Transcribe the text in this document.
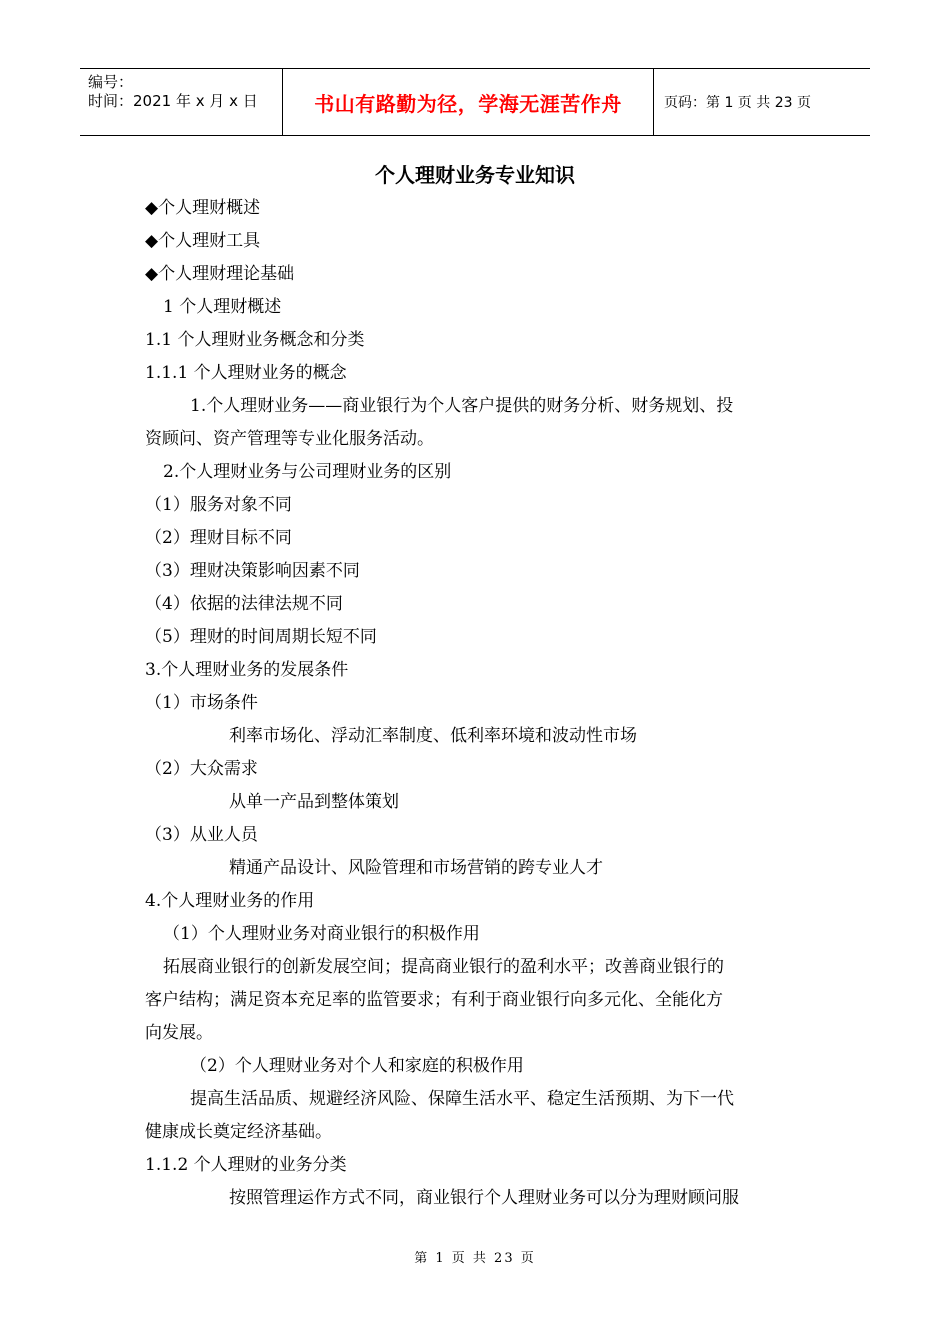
编号：
时间：2021 年 x 月 x 日	书山有路勤为径，学海无涯苦作舟	页码：第 1 页 共 23 页
个人理财业务专业知识
◆个人理财概述
◆个人理财工具
◆个人理财理论基础
1 个人理财概述
1.1 个人理财业务概念和分类
1.1.1 个人理财业务的概念
1.个人理财业务——商业银行为个人客户提供的财务分析、财务规划、投
资顾问、资产管理等专业化服务活动。
2.个人理财业务与公司理财业务的区别
（1）服务对象不同
（2）理财目标不同
（3）理财决策影响因素不同
（4）依据的法律法规不同
（5）理财的时间周期长短不同
3.个人理财业务的发展条件
（1）市场条件
利率市场化、浮动汇率制度、低利率环境和波动性市场
（2）大众需求
从单一产品到整体策划
（3）从业人员
精通产品设计、风险管理和市场营销的跨专业人才
4.个人理财业务的作用
（1）个人理财业务对商业银行的积极作用
拓展商业银行的创新发展空间；提高商业银行的盈利水平；改善商业银行的
客户结构；满足资本充足率的监管要求；有利于商业银行向多元化、全能化方
向发展。
（2）个人理财业务对个人和家庭的积极作用
提高生活品质、规避经济风险、保障生活水平、稳定生活预期、为下一代
健康成长奠定经济基础。
1.1.2 个人理财的业务分类
按照管理运作方式不同，商业银行个人理财业务可以分为理财顾问服
第 1 页 共 23 页
